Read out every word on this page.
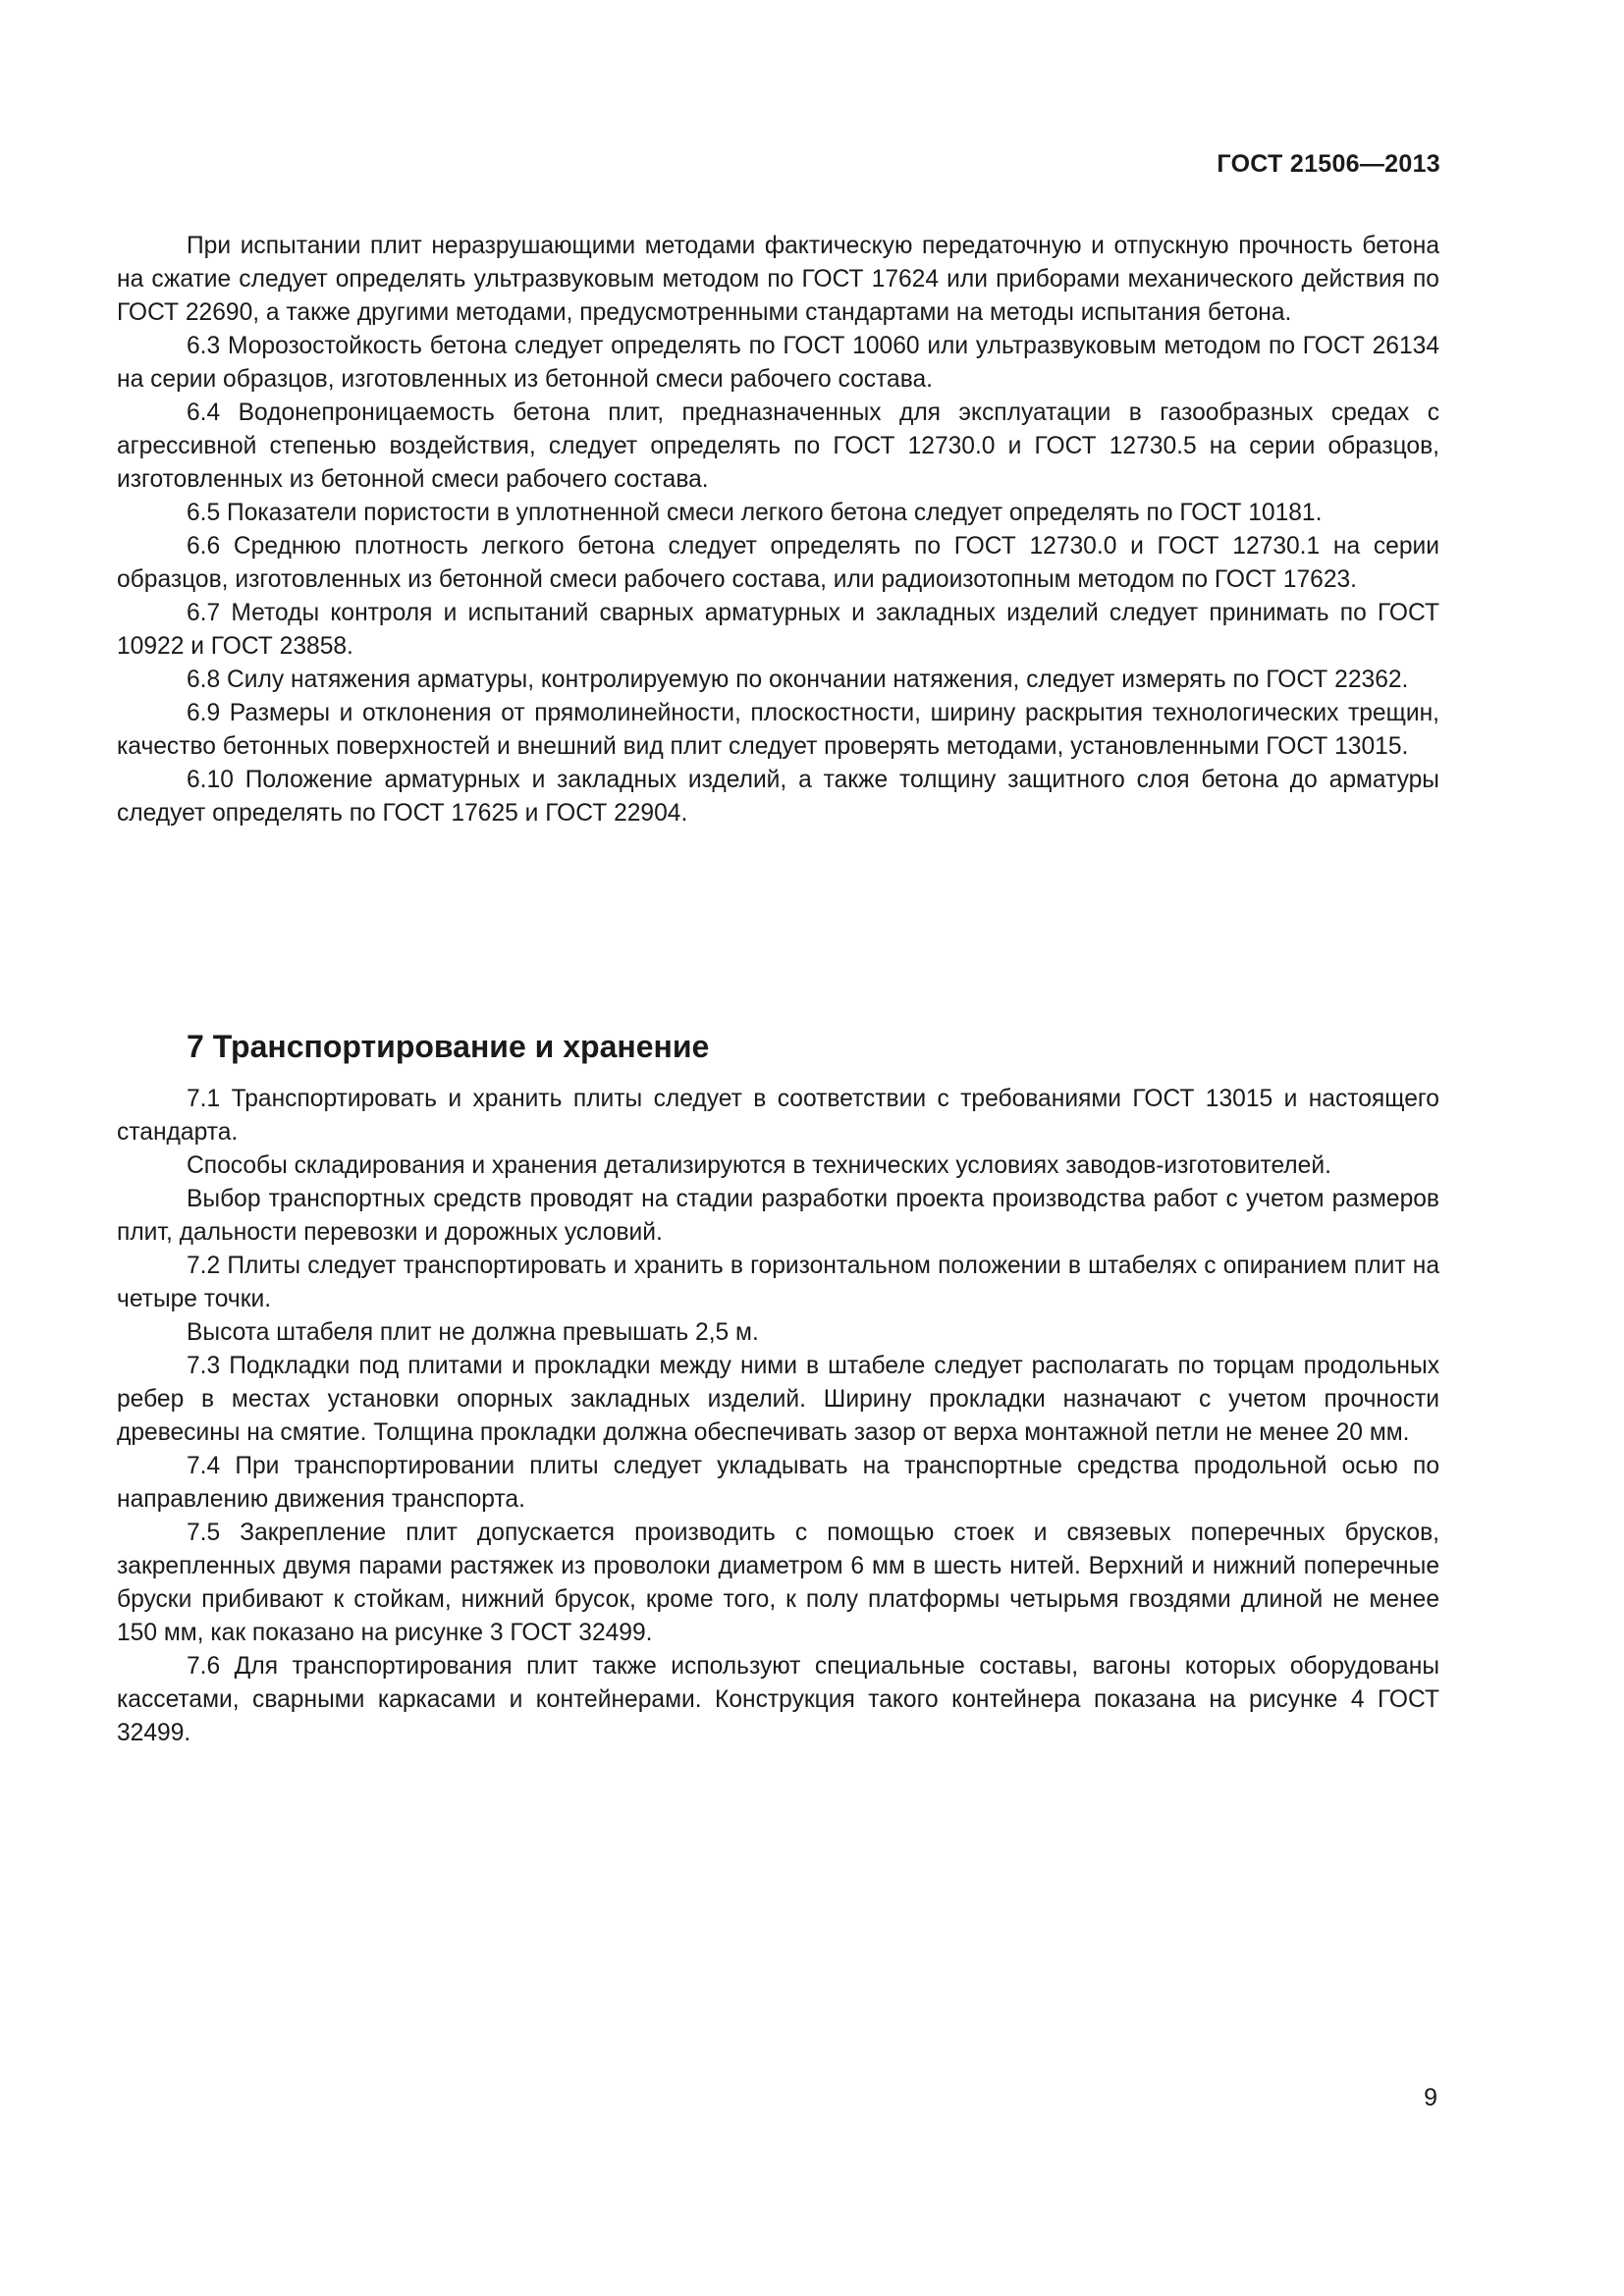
ГОСТ 21506—2013

При испытании плит неразрушающими методами фактическую передаточную и отпускную прочность бетона на сжатие следует определять ультразвуковым методом по ГОСТ 17624 или приборами механического действия по ГОСТ 22690, а также другими методами, предусмотренными стандартами на методы испытания бетона.

6.3 Морозостойкость бетона следует определять по ГОСТ 10060 или ультразвуковым методом по ГОСТ 26134 на серии образцов, изготовленных из бетонной смеси рабочего состава.

6.4 Водонепроницаемость бетона плит, предназначенных для эксплуатации в газообразных средах с агрессивной степенью воздействия, следует определять по ГОСТ 12730.0 и ГОСТ 12730.5 на серии образцов, изготовленных из бетонной смеси рабочего состава.

6.5 Показатели пористости в уплотненной смеси легкого бетона следует определять по ГОСТ 10181.

6.6 Среднюю плотность легкого бетона следует определять по ГОСТ 12730.0 и ГОСТ 12730.1 на серии образцов, изготовленных из бетонной смеси рабочего состава, или радиоизотопным методом по ГОСТ 17623.

6.7 Методы контроля и испытаний сварных арматурных и закладных изделий следует принимать по ГОСТ 10922 и ГОСТ 23858.

6.8 Силу натяжения арматуры, контролируемую по окончании натяжения, следует измерять по ГОСТ 22362.

6.9 Размеры и отклонения от прямолинейности, плоскостности, ширину раскрытия технологических трещин, качество бетонных поверхностей и внешний вид плит следует проверять методами, установленными ГОСТ 13015.

6.10 Положение арматурных и закладных изделий, а также толщину защитного слоя бетона до арматуры следует определять по ГОСТ 17625 и ГОСТ 22904.

7 Транспортирование и хранение

7.1 Транспортировать и хранить плиты следует в соответствии с требованиями ГОСТ 13015 и настоящего стандарта.

Способы складирования и хранения детализируются в технических условиях заводов-изготовителей.

Выбор транспортных средств проводят на стадии разработки проекта производства работ с учетом размеров плит, дальности перевозки и дорожных условий.

7.2 Плиты следует транспортировать и хранить в горизонтальном положении в штабелях с опиранием плит на четыре точки.

Высота штабеля плит не должна превышать 2,5 м.

7.3 Подкладки под плитами и прокладки между ними в штабеле следует располагать по торцам продольных ребер в местах установки опорных закладных изделий. Ширину прокладки назначают с учетом прочности древесины на смятие. Толщина прокладки должна обеспечивать зазор от верха монтажной петли не менее 20 мм.

7.4 При транспортировании плиты следует укладывать на транспортные средства продольной осью по направлению движения транспорта.

7.5 Закрепление плит допускается производить с помощью стоек и связевых поперечных брусков, закрепленных двумя парами растяжек из проволоки диаметром 6 мм в шесть нитей. Верхний и нижний поперечные бруски прибивают к стойкам, нижний брусок, кроме того, к полу платформы четырьмя гвоздями длиной не менее 150 мм, как показано на рисунке 3 ГОСТ 32499.

7.6 Для транспортирования плит также используют специальные составы, вагоны которых оборудованы кассетами, сварными каркасами и контейнерами. Конструкция такого контейнера показана на рисунке 4 ГОСТ 32499.

9
